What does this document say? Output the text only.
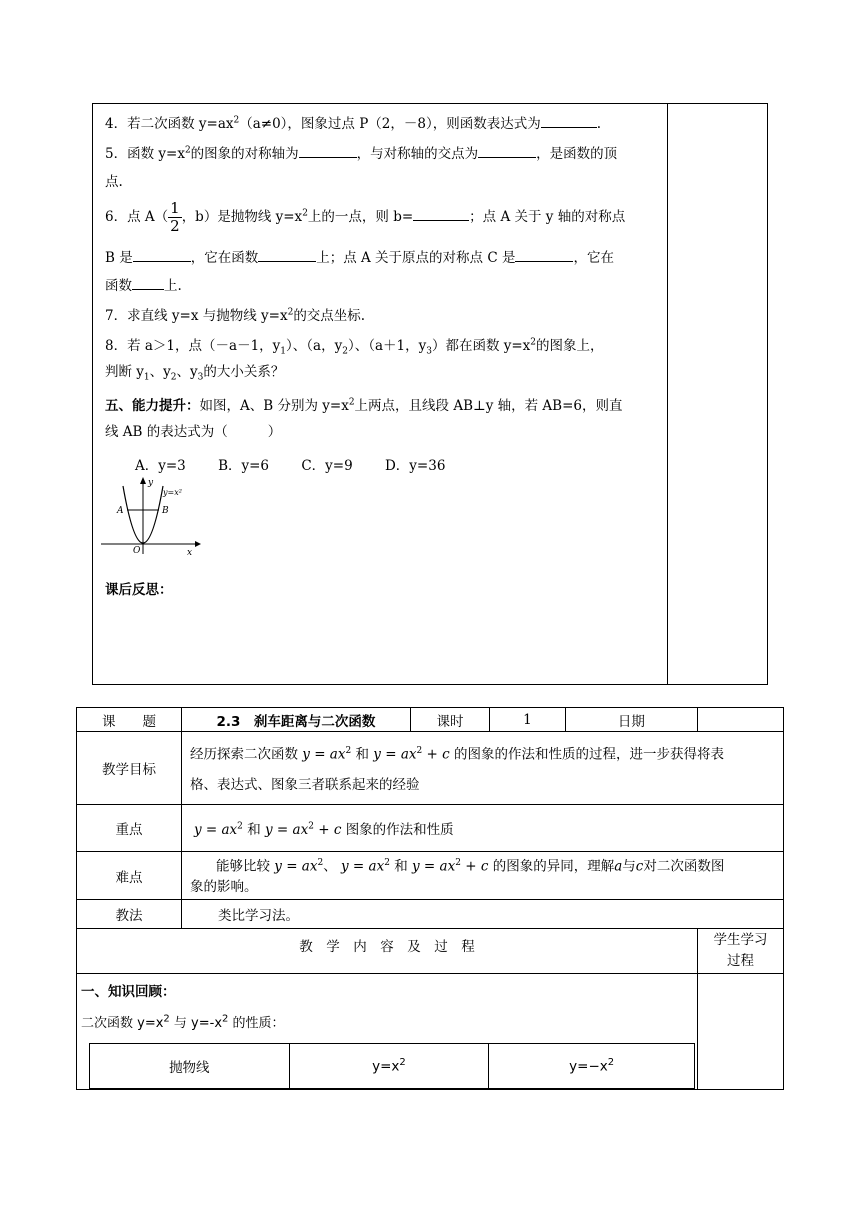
4．若二次函数 $y=ax^2(a\ne 0)$，图象过点 P（2，－8），则函数表达式为	.
5．函数 $y=x^2$的图象的对称轴为	，与对称轴的交点为	，是函数的顶
点.
6．点 $A( \frac{1}{2}$ ，b）是抛物线 $y=x^2$上的一点，则 b=	；点 A 关于 y 轴的对称点
B 是	，它在函数	上；点 A 关于原点的对称点 C 是	，它在
函数 上.
7．求直线 y=x 与抛物线 $y=x^2$的交点坐标.
8．若 a＞1，点（－a－1，$y_1$）、（a，$y_2$）、（a＋1，$y_3$）都在函数 $y=x^2$的图象上，
判断 $y_1$、$y_2$、$y_3$的大小关系？
五、能力提升：如图，A、B 分别为 $y=x^2$上两点，且线段 AB⊥y 轴，若 AB=6，则直
线 AB 的表达式为（	）
A．y=3 B．y=6 C．y=9 D．y=36
y
x
A	B
O
y=x²
课后反思：
课　　题	2.3　刹车距离与二次函数	课时	1	日期	
教学目标	经历探索二次函数 $y = ax^2$ 和 $y = ax^2 + c$ 的图象的作法和性质的过程，进一步获得将表
格、表达式、图象三者联系起来的经验
重点	$y = ax^2$ 和 $y = ax^2 + c$ 图象的作法和性质
难点	能够比较 $y = ax^2$、 $y = ax^2$ 和 $y = ax^2 + c$ 的图象的异同，理解a与c对二次函数图
象的影响。
教法	类比学习法。
教　学　内　容　及　过　程	学生学习
过程

一、知识回顾：
二次函数 $y=x^2$ 与 $y=-x^2$ 的性质：
抛物线	$y=x^2$	$y=-x^2$
